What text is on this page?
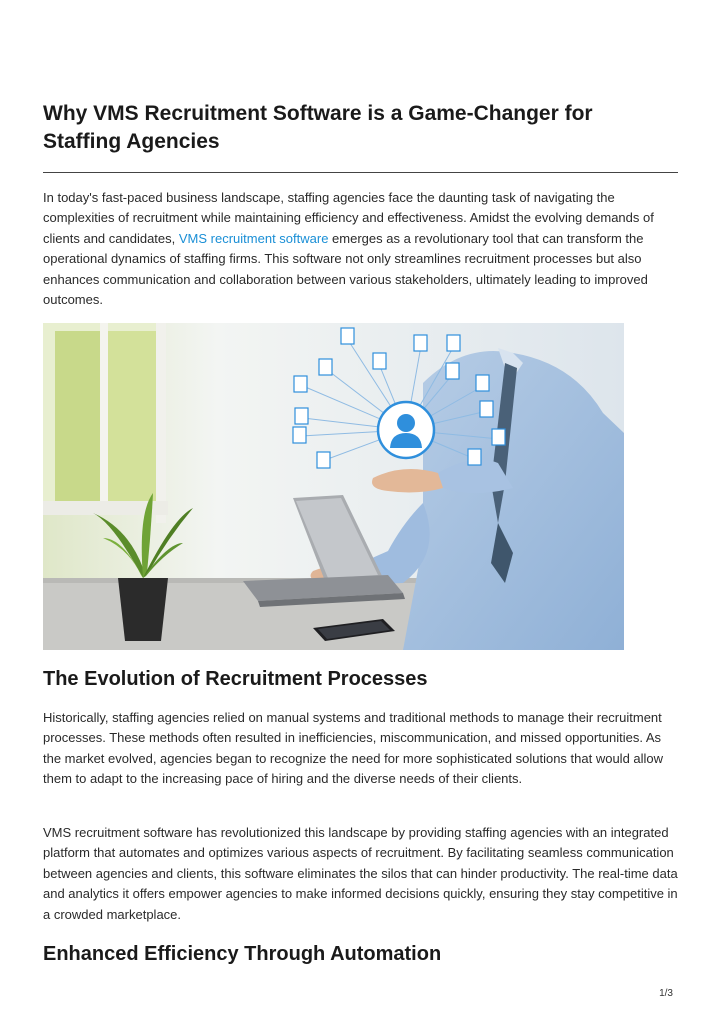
Why VMS Recruitment Software is a Game-Changer for Staffing Agencies

In today's fast-paced business landscape, staffing agencies face the daunting task of navigating the complexities of recruitment while maintaining efficiency and effectiveness. Amidst the evolving demands of clients and candidates, VMS recruitment software emerges as a revolutionary tool that can transform the operational dynamics of staffing firms. This software not only streamlines recruitment processes but also enhances communication and collaboration between various stakeholders, ultimately leading to improved outcomes.

The Evolution of Recruitment Processes

Historically, staffing agencies relied on manual systems and traditional methods to manage their recruitment processes. These methods often resulted in inefficiencies, miscommunication, and missed opportunities. As the market evolved, agencies began to recognize the need for more sophisticated solutions that would allow them to adapt to the increasing pace of hiring and the diverse needs of their clients.

VMS recruitment software has revolutionized this landscape by providing staffing agencies with an integrated platform that automates and optimizes various aspects of recruitment. By facilitating seamless communication between agencies and clients, this software eliminates the silos that can hinder productivity. The real-time data and analytics it offers empower agencies to make informed decisions quickly, ensuring they stay competitive in a crowded marketplace.

Enhanced Efficiency Through Automation
1/3
